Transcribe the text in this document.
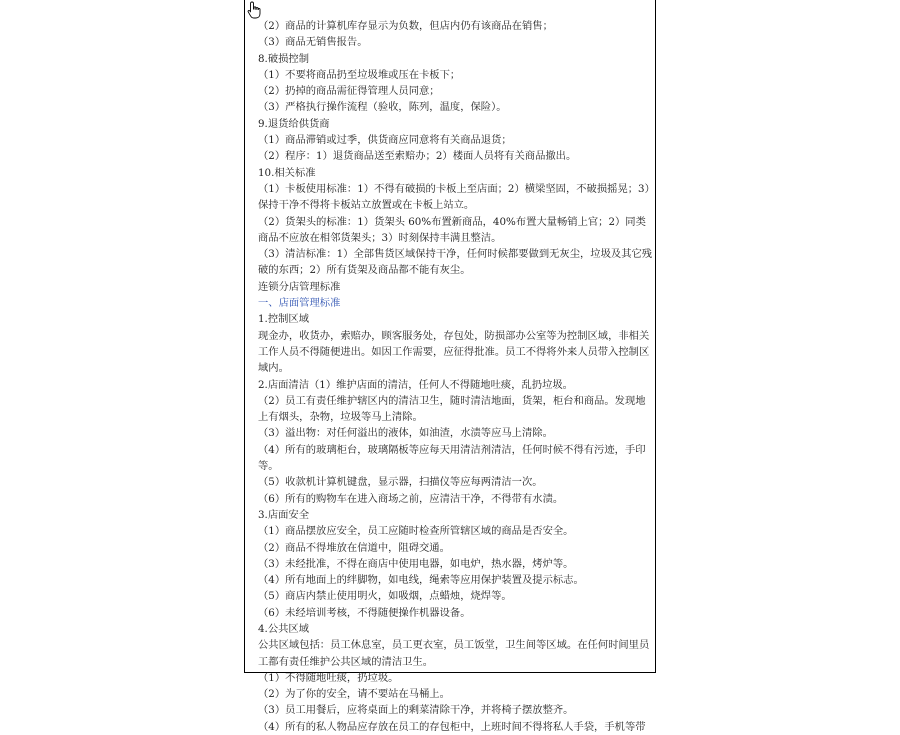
（2）商品的计算机库存显示为负数，但店内仍有该商品在销售；
（3）商品无销售报告。
8.破损控制
（1）不要将商品扔至垃圾堆或压在卡板下；
（2）扔掉的商品需征得管理人员同意；
（3）严格执行操作流程（验收，陈列，温度，保险）。
9.退货给供货商
（1）商品滞销或过季，供货商应同意将有关商品退货；
（2）程序：1）退货商品送至索赔办；2）楼面人员将有关商品撤出。
10.相关标准
（1）卡板使用标准：1）不得有破损的卡板上至店面；2）横梁坚固，不破损摇晃；3）
保持干净不得将卡板站立放置或在卡板上站立。
（2）货架头的标准：1）货架头 60%布置新商品，40%布置大量畅销上官；2）同类
商品不应放在相邻货架头；3）时刻保持丰满且整洁。
（3）清洁标准：1）全部售货区域保持干净，任何时候都要做到无灰尘，垃圾及其它残
破的东西；2）所有货架及商品都不能有灰尘。
连锁分店管理标准
一、店面管理标准
1.控制区域
现金办，收货办，索赔办，顾客服务处，存包处，防损部办公室等为控制区域，非相关
工作人员不得随便进出。如因工作需要，应征得批准。员工不得将外来人员带入控制区
域内。
2.店面清洁（1）维护店面的清洁，任何人不得随地吐痰，乱扔垃圾。
（2）员工有责任维护辖区内的清洁卫生，随时清洁地面，货架，柜台和商品。发现地
上有烟头，杂物，垃圾等马上清除。
（3）溢出物：对任何溢出的液体，如油渣，水渍等应马上清除。
（4）所有的玻璃柜台，玻璃隔板等应每天用清洁剂清洁，任何时候不得有污迹，手印
等。
（5）收款机计算机键盘，显示器，扫描仪等应每两清洁一次。
（6）所有的购物车在进入商场之前，应清洁干净，不得带有水渍。
3.店面安全
（1）商品摆放应安全，员工应随时检查所管辖区域的商品是否安全。
（2）商品不得堆放在信道中，阻碍交通。
（3）未经批准，不得在商店中使用电器，如电炉，热水器，烤炉等。
（4）所有地面上的绊脚物，如电线，绳索等应用保护装置及提示标志。
（5）商店内禁止使用明火，如吸烟，点蜡烛，烧焊等。
（6）未经培训考核，不得随便操作机器设备。
4.公共区域
公共区域包括：员工休息室，员工更衣室，员工饭堂，卫生间等区域。在任何时间里员
工都有责任维护公共区域的清洁卫生。
（1）不得随地吐痰，扔垃圾。
（2）为了你的安全，请不要站在马桶上。
（3）员工用餐后，应将桌面上的剩菜清除干净，并将椅子摆放整齐。
（4）所有的私人物品应存放在员工的存包柜中，上班时间不得将私人手袋，手机等带
